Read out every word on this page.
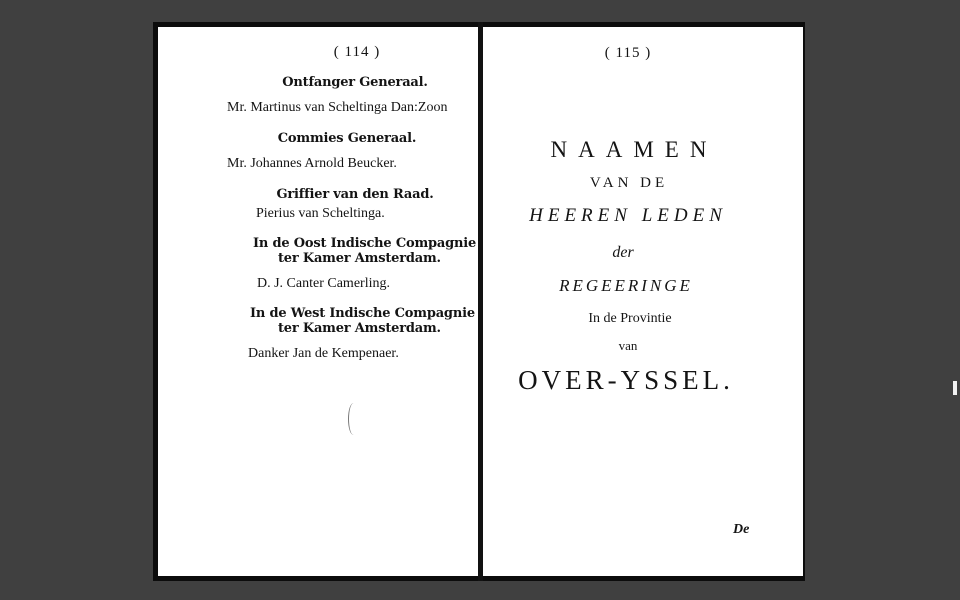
( 114 )
Ontfanger Generaal.
Mr. Martinus van Scheltinga Dan:Zoon
Commies Generaal.
Mr. Johannes Arnold Beucker.
Griffier van den Raad.
Pierius van Scheltinga.
In de Oost Indische Compagnie
ter Kamer Amsterdam.
D. J. Canter Camerling.
In de West Indische Compagnie
ter Kamer Amsterdam.
Danker Jan de Kempenaer.
( 115 )
NAAMEN
VAN DE
HEEREN LEDEN
der
REGEERINGE
In de Provintie
van
OVER-YSSEL.
De
